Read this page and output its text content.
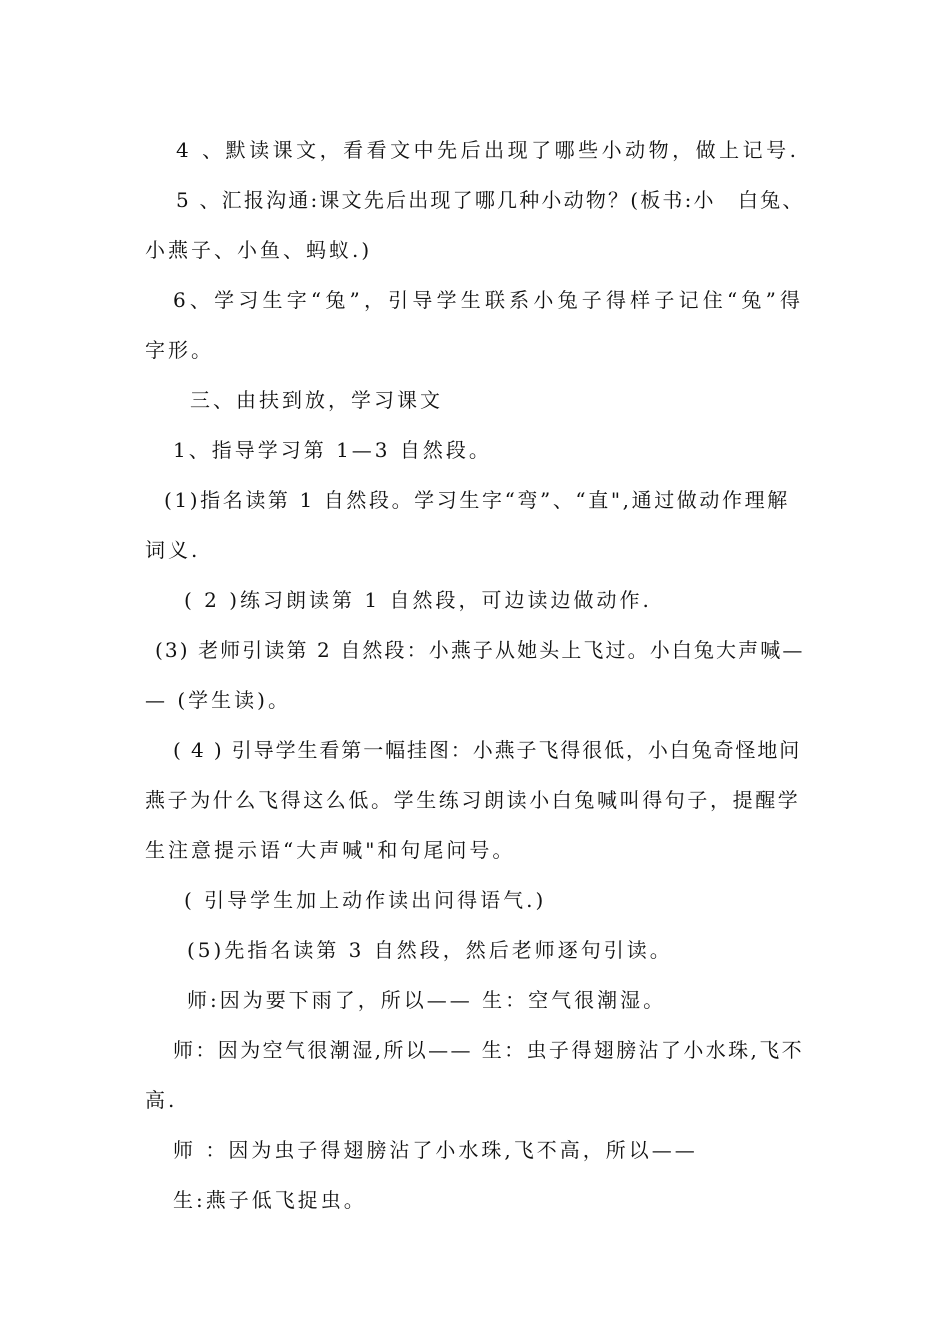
4 、默读课文，看看文中先后出现了哪些小动物，做上记号.
5 、汇报沟通:课文先后出现了哪几种小动物？(板书:小　白兔、
小燕子、小鱼、蚂蚁.)
6、学习生字“兔”，引导学生联系小兔子得样子记住“兔”得
字形。
三、由扶到放，学习课文
1、指导学习第 1—3 自然段。
(1)指名读第 1 自然段。学习生字“弯”、“直",通过做动作理解
词义.
( 2 )练习朗读第 1 自然段，可边读边做动作.
(3) 老师引读第 2 自然段：小燕子从她头上飞过。小白兔大声喊—
— (学生读)。
( 4 ) 引导学生看第一幅挂图：小燕子飞得很低，小白兔奇怪地问
燕子为什么飞得这么低。学生练习朗读小白兔喊叫得句子，提醒学
生注意提示语“大声喊"和句尾问号。
( 引导学生加上动作读出问得语气.)
(5)先指名读第 3 自然段，然后老师逐句引读。
师:因为要下雨了，所以—— 生：空气很潮湿。
师：因为空气很潮湿,所以—— 生：虫子得翅膀沾了小水珠,飞不
高.
师 ：因为虫子得翅膀沾了小水珠,飞不高，所以——
生:燕子低飞捉虫。
